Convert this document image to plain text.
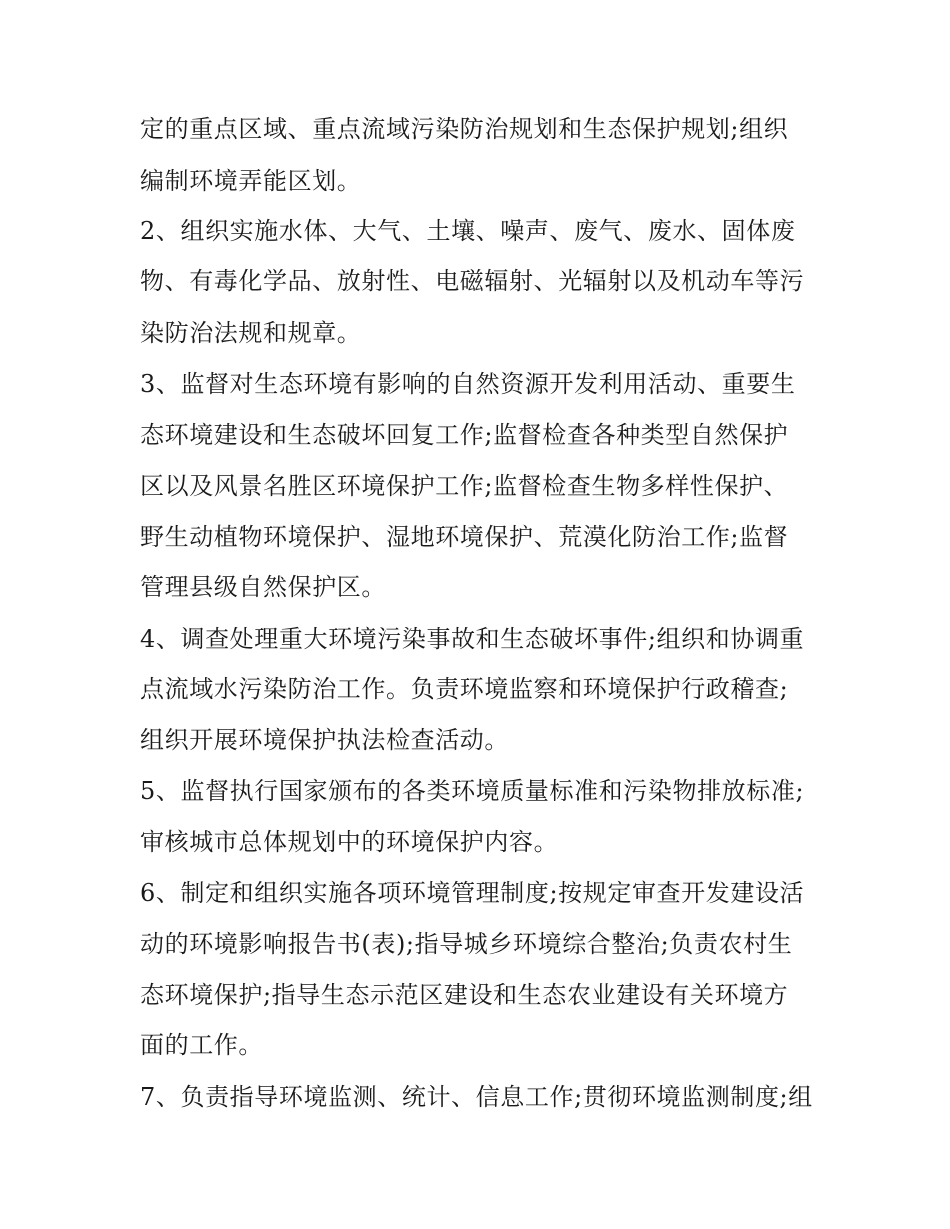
定的重点区域、重点流域污染防治规划和生态保护规划;组织
编制环境弄能区划。
2、组织实施水体、大气、土壤、噪声、废气、废水、固体废
物、有毒化学品、放射性、电磁辐射、光辐射以及机动车等污
染防治法规和规章。
3、监督对生态环境有影响的自然资源开发利用活动、重要生
态环境建设和生态破坏回复工作;监督检查各种类型自然保护
区以及风景名胜区环境保护工作;监督检查生物多样性保护、
野生动植物环境保护、湿地环境保护、荒漠化防治工作;监督
管理县级自然保护区。
4、调查处理重大环境污染事故和生态破坏事件;组织和协调重
点流域水污染防治工作。负责环境监察和环境保护行政稽查;
组织开展环境保护执法检查活动。
5、监督执行国家颁布的各类环境质量标准和污染物排放标准;
审核城市总体规划中的环境保护内容。
6、制定和组织实施各项环境管理制度;按规定审查开发建设活
动的环境影响报告书(表);指导城乡环境综合整治;负责农村生
态环境保护;指导生态示范区建设和生态农业建设有关环境方
面的工作。
7、负责指导环境监测、统计、信息工作;贯彻环境监测制度;组
